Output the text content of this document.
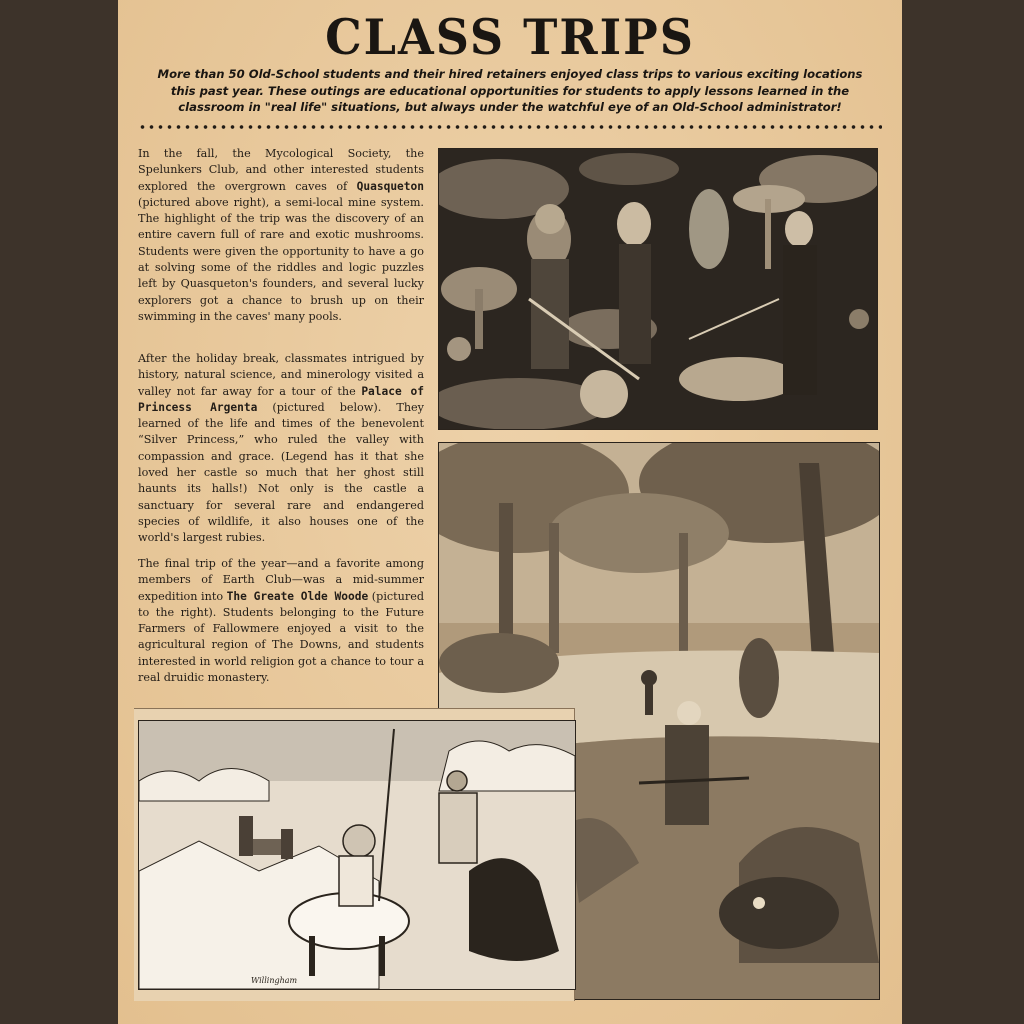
CLASS TRIPS

More than 50 Old-School students and their hired retainers enjoyed class trips to various exciting locations this past year. These outings are educational opportunities for students to apply lessons learned in the classroom in "real life" situations, but always under the watchful eye of an Old-School administrator!

In the fall, the Mycological Society, the Spelunkers Club, and other interested students explored the overgrown caves of Quasqueton (pictured above right), a semi-local mine system. The highlight of the trip was the discovery of an entire cavern full of rare and exotic mushrooms. Students were given the opportunity to have a go at solving some of the riddles and logic puzzles left by Quasqueton's founders, and several lucky explorers got a chance to brush up on their swimming in the caves' many pools.

After the holiday break, classmates intrigued by history, natural science, and minerology visited a valley not far away for a tour of the Palace of Princess Argenta (pictured below). They learned of the life and times of the benevolent “Silver Princess,” who ruled the valley with compassion and grace. (Legend has it that she loved her castle so much that her ghost still haunts its halls!) Not only is the castle a sanctuary for several rare and endangered species of wildlife, it also houses one of the world's largest rubies.

The final trip of the year—and a favorite among members of Earth Club—was a mid-summer expedition into The Greate Olde Woode (pictured to the right). Students belonging to the Future Farmers of Fallowmere enjoyed a visit to the agricultural region of The Downs, and students interested in world religion got a chance to tour a real druidic monastery.

Willingham
